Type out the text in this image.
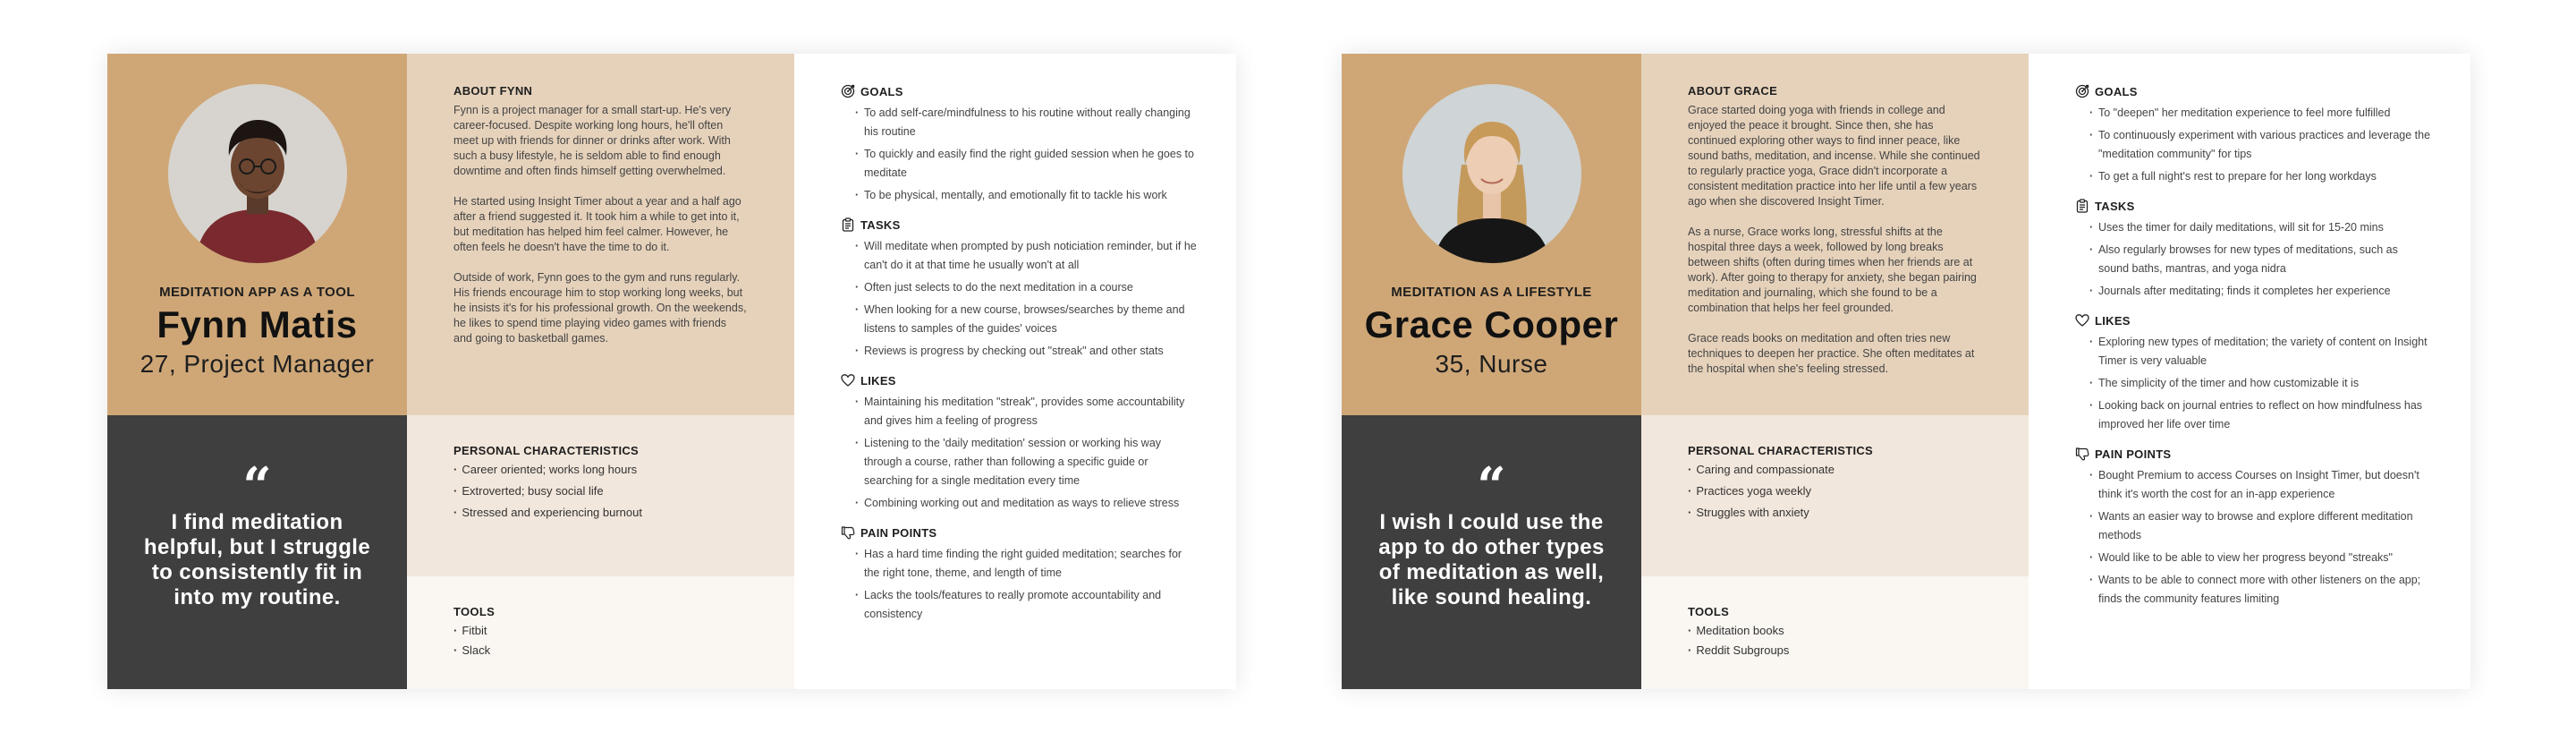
MEDITATION APP AS A TOOL
Fynn Matis
27, Project Manager
“
I find meditation helpful, but I struggle to consistently fit in into my routine.
ABOUT FYNN

Fynn is a project manager for a small start-up. He's very career-focused. Despite working long hours, he'll often meet up with friends for dinner or drinks after work. With such a busy lifestyle, he is seldom able to find enough downtime and often finds himself getting overwhelmed.

He started using Insight Timer about a year and a half ago after a friend suggested it. It took him a while to get into it, but meditation has helped him feel calmer. However, he often feels he doesn't have the time to do it.

Outside of work, Fynn goes to the gym and runs regularly. His friends encourage him to stop working long weeks, but he insists it's for his professional growth. On the weekends, he likes to spend time playing video games with friends and going to basketball games.

PERSONAL CHARACTERISTICS
· Career oriented; works long hours
· Extroverted; busy social life
· Stressed and experiencing burnout
TOOLS
· Fitbit
· Slack
GOALS
· To add self-care/mindfulness to his routine without really changing his routine
· To quickly and easily find the right guided session when he goes to meditate
· To be physical, mentally, and emotionally fit to tackle his work
TASKS
· Will meditate when prompted by push noticiation reminder, but if he can't do it at that time he usually won't at all
· Often just selects to do the next meditation in a course
· When looking for a new course, browses/searches by theme and listens to samples of the guides' voices
· Reviews is progress by checking out "streak" and other stats
LIKES
· Maintaining his meditation "streak", provides some accountability and gives him a feeling of progress
· Listening to the 'daily meditation' session or working his way through a course, rather than following a specific guide or searching for a single meditation every time
· Combining working out and meditation as ways to relieve stress
PAIN POINTS
· Has a hard time finding the right guided meditation; searches for the right tone, theme, and length of time
· Lacks the tools/features to really promote accountability and consistency
MEDITATION AS A LIFESTYLE
Grace Cooper
35, Nurse
“
I wish I could use the app to do other types of meditation as well, like sound healing.
ABOUT GRACE

Grace started doing yoga with friends in college and enjoyed the peace it brought. Since then, she has continued exploring other ways to find inner peace, like sound baths, meditation, and incense. While she continued to regularly practice yoga, Grace didn't incorporate a consistent meditation practice into her life until a few years ago when she discovered Insight Timer.

As a nurse, Grace works long, stressful shifts at the hospital three days a week, followed by long breaks between shifts (often during times when her friends are at work). After going to therapy for anxiety, she began pairing meditation and journaling, which she found to be a combination that helps her feel grounded.

Grace reads books on meditation and often tries new techniques to deepen her practice. She often meditates at the hospital when she's feeling stressed.

PERSONAL CHARACTERISTICS
· Caring and compassionate
· Practices yoga weekly
· Struggles with anxiety
TOOLS
· Meditation books
· Reddit Subgroups
GOALS
· To "deepen" her meditation experience to feel more fulfilled
· To continuously experiment with various practices and leverage the "meditation community" for tips
· To get a full night's rest to prepare for her long workdays
TASKS
· Uses the timer for daily meditations, will sit for 15-20 mins
· Also regularly browses for new types of meditations, such as sound baths, mantras, and yoga nidra
· Journals after meditating; finds it completes her experience
LIKES
· Exploring new types of meditation; the variety of content on Insight Timer is very valuable
· The simplicity of the timer and how customizable it is
· Looking back on journal entries to reflect on how mindfulness has improved her life over time
PAIN POINTS
· Bought Premium to access Courses on Insight Timer, but doesn't think it's worth the cost for an in-app experience
· Wants an easier way to browse and explore different meditation methods
· Would like to be able to view her progress beyond "streaks"
· Wants to be able to connect more with other listeners on the app; finds the community features limiting
